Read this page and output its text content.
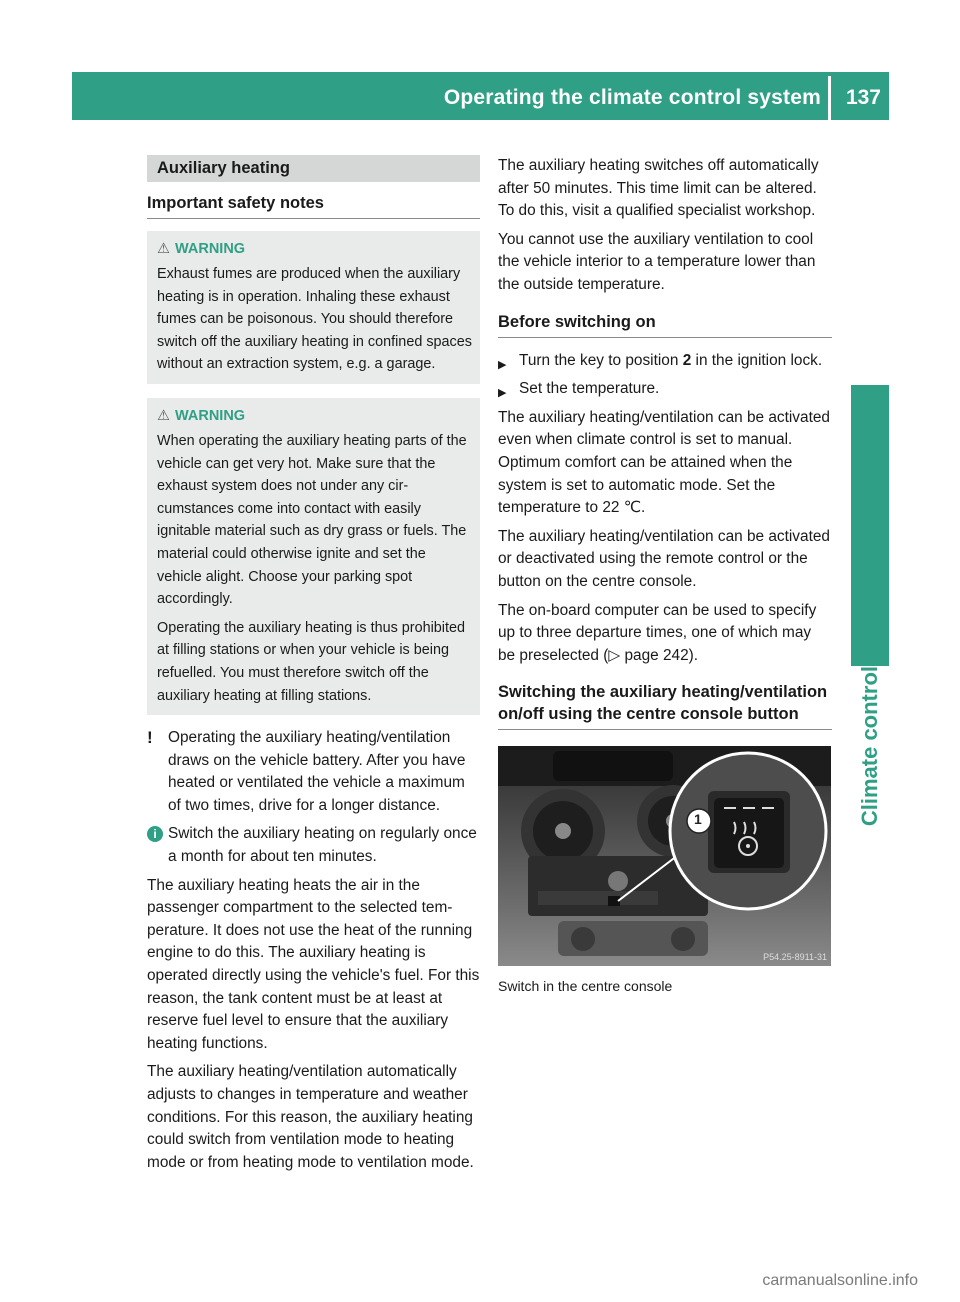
Operating the climate control system 137
Climate control
Auxiliary heating
Important safety notes
⚠ WARNING

Exhaust fumes are produced when the auxiliary heating is in operation. Inhaling these exhaust fumes can be poisonous. You should therefore switch off the auxiliary heating in confined spaces without an extraction system, e.g. a garage.

⚠ WARNING

When operating the auxiliary heating parts of the vehicle can get very hot. Make sure that the exhaust system does not under any circumstances come into contact with easily ignitable material such as dry grass or fuels. The material could otherwise ignite and set the vehicle alight. Choose your parking spot accordingly.

Operating the auxiliary heating is thus prohibited at filling stations or when your vehicle is being refuelled. You must therefore switch off the auxiliary heating at filling stations.

! Operating the auxiliary heating/ventilation draws on the vehicle battery. After you have heated or ventilated the vehicle a maximum of two times, drive for a longer distance.
i Switch the auxiliary heating on regularly once a month for about ten minutes.

The auxiliary heating heats the air in the passenger compartment to the selected temperature. It does not use the heat of the running engine to do this. The auxiliary heating is operated directly using the vehicle's fuel. For this reason, the tank content must be at least at reserve fuel level to ensure that the auxiliary heating functions.

The auxiliary heating/ventilation automatically adjusts to changes in temperature and weather conditions. For this reason, the auxiliary heating could switch from ventilation mode to heating mode or from heating mode to ventilation mode.

The auxiliary heating switches off automatically after 50 minutes. This time limit can be altered. To do this, visit a qualified specialist workshop.

You cannot use the auxiliary ventilation to cool the vehicle interior to a temperature lower than the outside temperature.

Before switching on
▶ Turn the key to position 2 in the ignition lock.
▶ Set the temperature.

The auxiliary heating/ventilation can be activated even when climate control is set to manual. Optimum comfort can be attained when the system is set to automatic mode. Set the temperature to 22 ℃.

The auxiliary heating/ventilation can be activated or deactivated using the remote control or the button on the centre console.

The on-board computer can be used to specify up to three departure times, one of which may be preselected (▷ page 242).

Switching the auxiliary heating/ventilation on/off using the centre console button
1
P54.25-8911-31
Switch in the centre console
carmanualsonline.info
